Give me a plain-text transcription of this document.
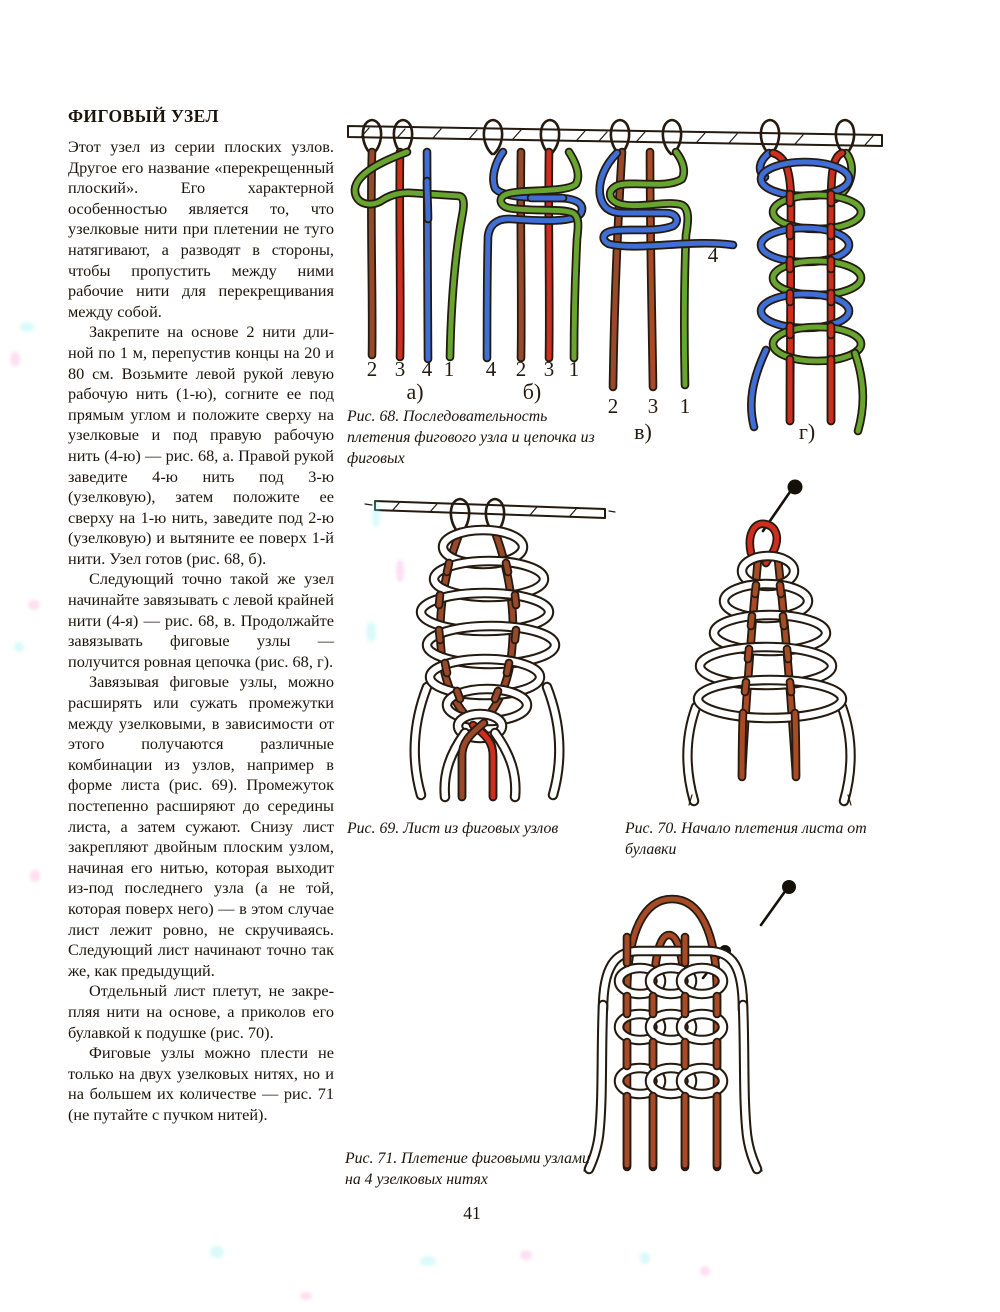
ФИГОВЫЙ УЗЕЛ

Этот узел из серии плоских узлов. Другое его название «перекрещенный плоский». Его характерной особенностью является то, что узелковые нити при плетении не туго натягивают, а разводят в стороны, чтобы пропустить между ними рабочие нити для перекрещивания между собой.

Закрепите на основе 2 нити длиной по 1 м, перепустив концы на 20 и 80 см. Возьмите левой рукой левую рабочую нить (1-ю), согните ее под прямым углом и положите сверху на узелковые и под правую рабочую нить (4-ю) — рис. 68, а. Правой рукой заведите 4-ю нить под 3-ю (узелковую), затем положите ее сверху на 1-ю нить, заведите под 2-ю (узелковую) и вытяните ее поверх 1-й нити. Узел готов (рис. 68, б).

Следующий точно такой же узел начинайте завязывать с левой крайней нити (4-я) — рис. 68, в. Продолжайте завязывать фиговые узлы — получится ровная цепочка (рис. 68, г).

Завязывая фиговые узлы, можно расширять или сужать промежутки между узелковыми, в зависимости от этого получаются различные комбинации из узлов, например в форме листа (рис. 69). Промежуток постепенно расширяют до середины листа, а затем сужают. Снизу лист закрепляют двойным плоским узлом, начиная его нитью, которая выходит из-под последнего узла (а не той, которая поверх него) — в этом случае лист лежит ровно, не скручиваясь. Следующий лист начинают точно так же, как предыдущий.

Отдельный лист плетут, не закрепляя нити на основе, а приколов его булавкой к подушке (рис. 70).

Фиговые узлы можно плести не только на двух узелковых нитях, но и на большем их количестве — рис. 71 (не путайте с пучком нитей).

2 3 4 1
а)
4 2 3 1
б)
4
2 3 1
в)	г)
Рис. 68. Последовательность плетения фигового узла и цепочка из фиговых
Рис. 69. Лист из фиговых узлов	Рис. 70. Начало плетения листа от булавки
Рис. 71. Плетение фиговыми узлами на 4 узелковых нитях
41
